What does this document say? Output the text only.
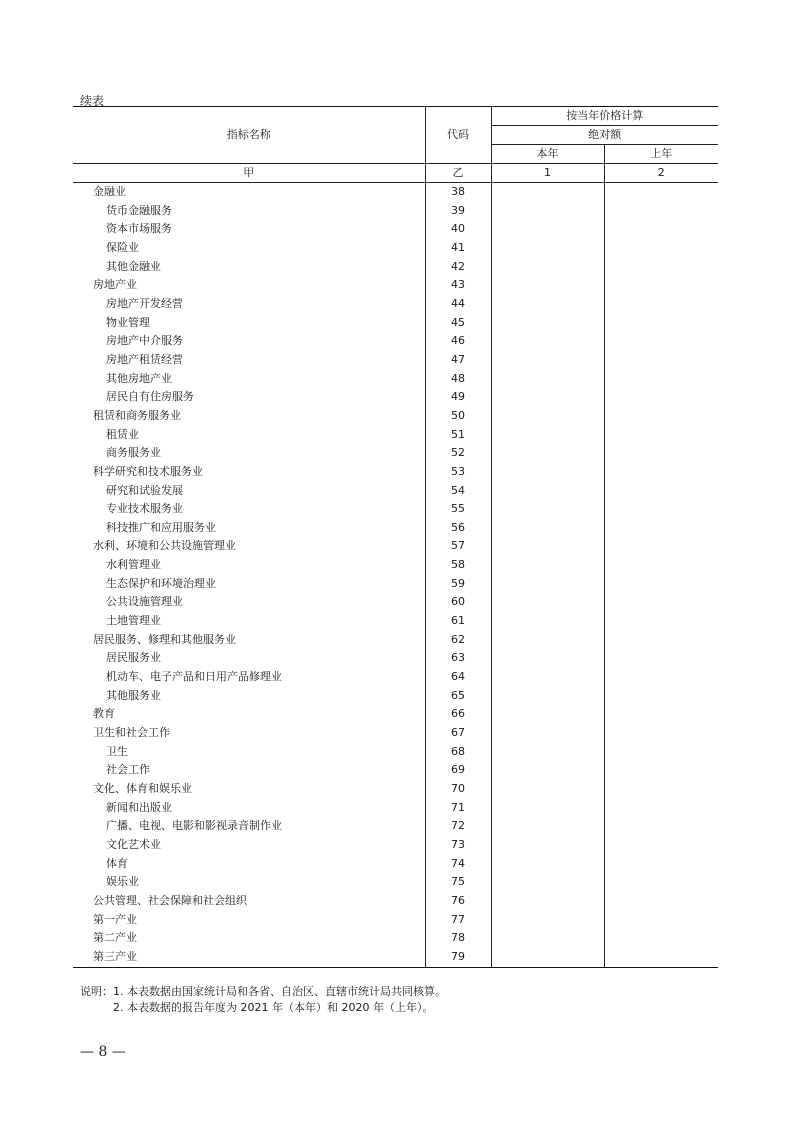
续表
指标名称	代码	按当年价格计算	
		绝对额	
		本年	上年
甲	乙	1	2
金融业	38		
货币金融服务	39		
资本市场服务	40		
保险业	41		
其他金融业	42		
房地产业	43		
房地产开发经营	44		
物业管理	45		
房地产中介服务	46		
房地产租赁经营	47		
其他房地产业	48		
居民自有住房服务	49		
租赁和商务服务业	50		
租赁业	51		
商务服务业	52		
科学研究和技术服务业	53		
研究和试验发展	54		
专业技术服务业	55		
科技推广和应用服务业	56		
水利、环境和公共设施管理业	57		
水利管理业	58		
生态保护和环境治理业	59		
公共设施管理业	60		
土地管理业	61		
居民服务、修理和其他服务业	62		
居民服务业	63		
机动车、电子产品和日用产品修理业	64		
其他服务业	65		
教育	66		
卫生和社会工作	67		
卫生	68		
社会工作	69		
文化、体育和娱乐业	70		
新闻和出版业	71		
广播、电视、电影和影视录音制作业	72		
文化艺术业	73		
体育	74		
娱乐业	75		
公共管理、社会保障和社会组织	76		
第一产业	77		
第二产业	78		
第三产业	79		
说明：1. 本表数据由国家统计局和各省、自治区、直辖市统计局共同核算。
2. 本表数据的报告年度为 2021 年（本年）和 2020 年（上年）。
— 8 —
